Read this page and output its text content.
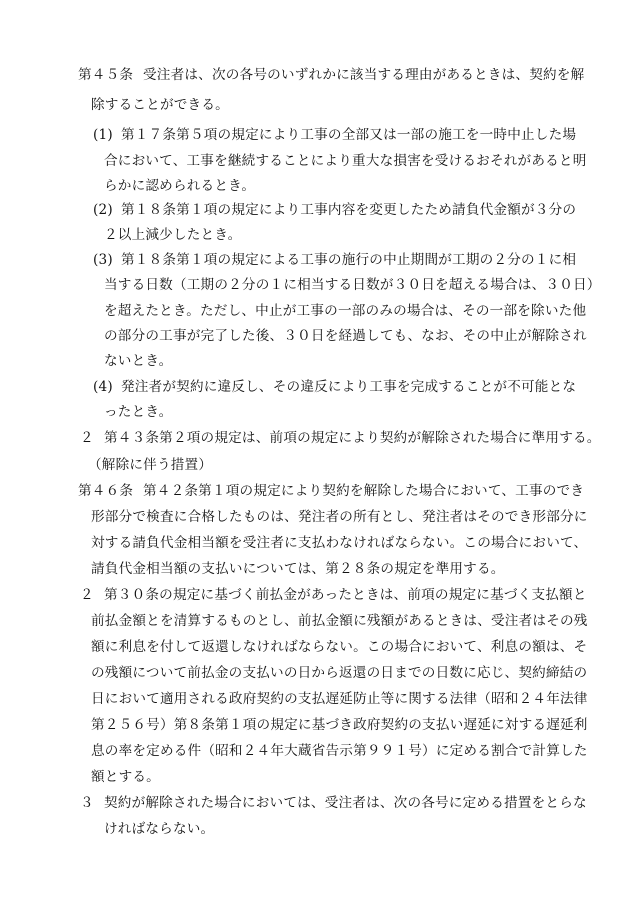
第４５条 受注者は、次の各号のいずれかに該当する理由があるときは、契約を解
除することができる。
(1) 第１７条第５項の規定により工事の全部又は一部の施工を一時中止した場
合において、工事を継続することにより重大な損害を受けるおそれがあると明
らかに認められるとき。
(2) 第１８条第１項の規定により工事内容を変更したため請負代金額が３分の
２以上減少したとき。
(3) 第１８条第１項の規定による工事の施行の中止期間が工期の２分の１に相
当する日数（工期の２分の１に相当する日数が３０日を超える場合は、３０日）
を超えたとき。ただし、中止が工事の一部のみの場合は、その一部を除いた他
の部分の工事が完了した後、３０日を経過しても、なお、その中止が解除され
ないとき。
(4) 発注者が契約に違反し、その違反により工事を完成することが不可能とな
ったとき。
２ 第４３条第２項の規定は、前項の規定により契約が解除された場合に準用する。
（解除に伴う措置）
第４６条 第４２条第１項の規定により契約を解除した場合において、工事のでき
形部分で検査に合格したものは、発注者の所有とし、発注者はそのでき形部分に
対する請負代金相当額を受注者に支払わなければならない。この場合において、
請負代金相当額の支払いについては、第２８条の規定を準用する。
２ 第３０条の規定に基づく前払金があったときは、前項の規定に基づく支払額と
前払金額とを清算するものとし、前払金額に残額があるときは、受注者はその残
額に利息を付して返還しなければならない。この場合において、利息の額は、そ
の残額について前払金の支払いの日から返還の日までの日数に応じ、契約締結の
日において適用される政府契約の支払遅延防止等に関する法律（昭和２４年法律
第２５６号）第８条第１項の規定に基づき政府契約の支払い遅延に対する遅延利
息の率を定める件（昭和２４年大蔵省告示第９９１号）に定める割合で計算した
額とする。
３ 契約が解除された場合においては、受注者は、次の各号に定める措置をとらな
ければならない。
